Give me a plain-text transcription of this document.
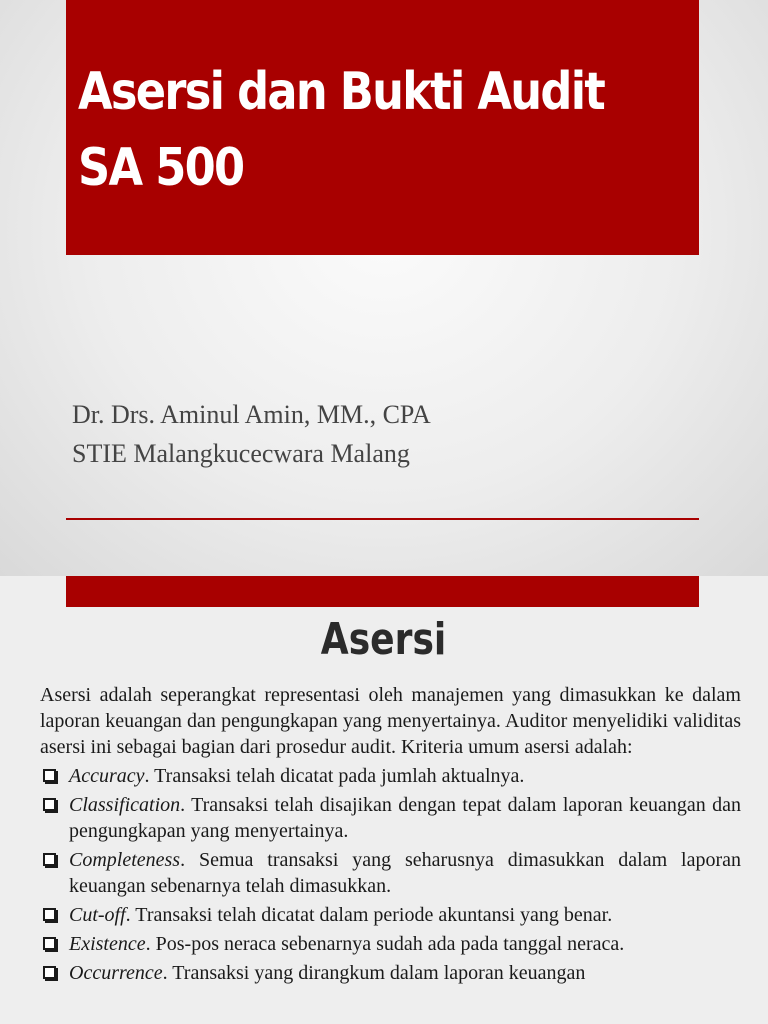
Asersi dan Bukti Audit

SA 500

Dr. Drs. Aminul Amin, MM., CPA

STIE Malangkucecwara Malang

Asersi

Asersi adalah seperangkat representasi oleh manajemen yang dimasukkan ke dalam laporan keuangan dan pengungkapan yang menyertainya. Auditor menyelidiki validitas asersi ini sebagai bagian dari prosedur audit. Kriteria umum asersi adalah:

Accuracy. Transaksi telah dicatat pada jumlah aktualnya.
Classification. Transaksi telah disajikan dengan tepat dalam laporan keuangan dan pengungkapan yang menyertainya.
Completeness. Semua transaksi yang seharusnya dimasukkan dalam laporan keuangan sebenarnya telah dimasukkan.
Cut-off. Transaksi telah dicatat dalam periode akuntansi yang benar.
Existence. Pos-pos neraca sebenarnya sudah ada pada tanggal neraca.
Occurrence. Transaksi yang dirangkum dalam laporan keuangan
